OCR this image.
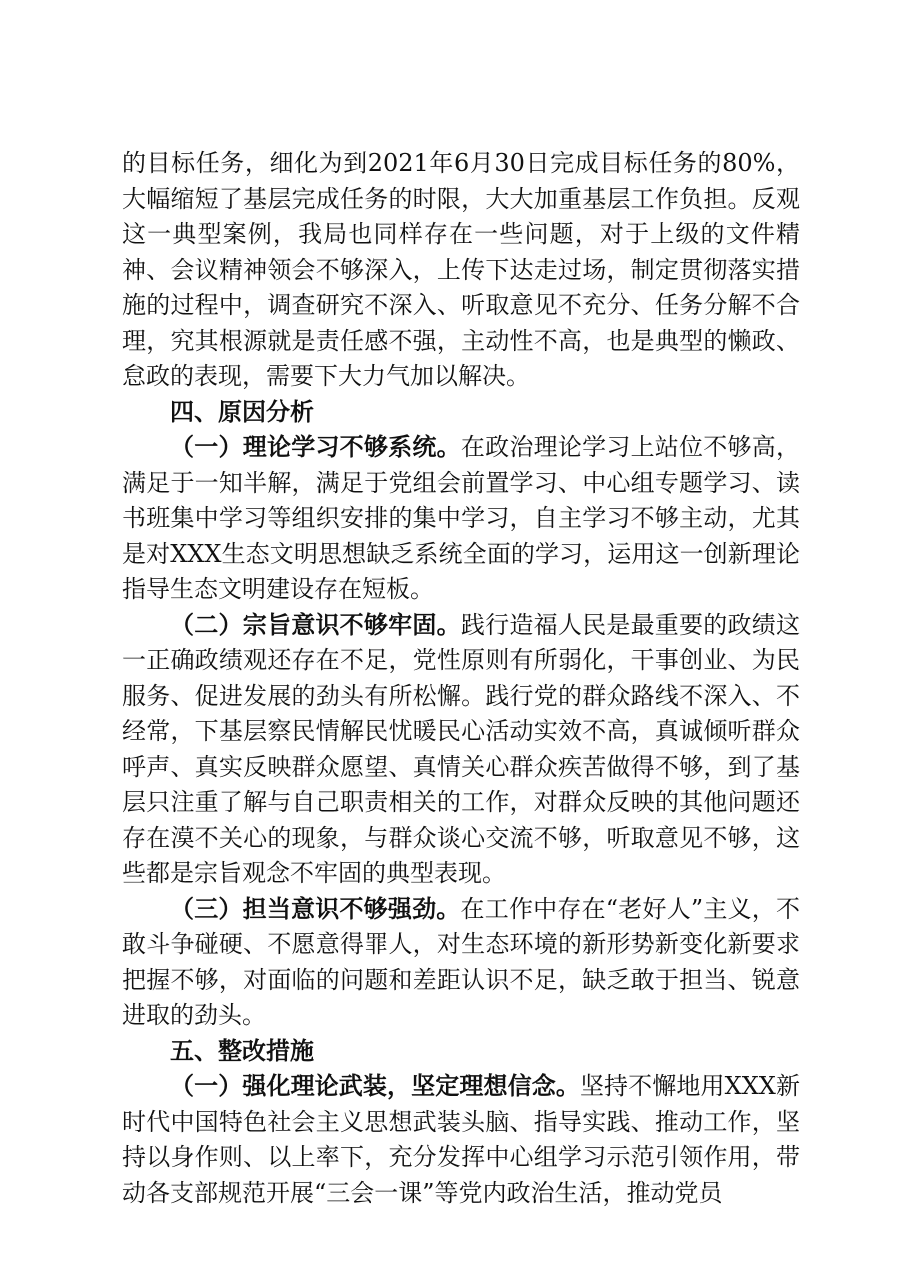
的目标任务，细化为到2021年6月30日完成目标任务的80%，大幅缩短了基层完成任务的时限，大大加重基层工作负担。反观这一典型案例，我局也同样存在一些问题，对于上级的文件精神、会议精神领会不够深入，上传下达走过场，制定贯彻落实措施的过程中，调查研究不深入、听取意见不充分、任务分解不合理，究其根源就是责任感不强，主动性不高，也是典型的懒政、怠政的表现，需要下大力气加以解决。

四、原因分析

（一）理论学习不够系统。在政治理论学习上站位不够高，满足于一知半解，满足于党组会前置学习、中心组专题学习、读书班集中学习等组织安排的集中学习，自主学习不够主动，尤其是对XXX生态文明思想缺乏系统全面的学习，运用这一创新理论指导生态文明建设存在短板。

（二）宗旨意识不够牢固。践行造福人民是最重要的政绩这一正确政绩观还存在不足，党性原则有所弱化，干事创业、为民服务、促进发展的劲头有所松懈。践行党的群众路线不深入、不经常，下基层察民情解民忧暖民心活动实效不高，真诚倾听群众呼声、真实反映群众愿望、真情关心群众疾苦做得不够，到了基层只注重了解与自己职责相关的工作，对群众反映的其他问题还存在漠不关心的现象，与群众谈心交流不够，听取意见不够，这些都是宗旨观念不牢固的典型表现。

（三）担当意识不够强劲。在工作中存在“老好人”主义，不敢斗争碰硬、不愿意得罪人，对生态环境的新形势新变化新要求把握不够，对面临的问题和差距认识不足，缺乏敢于担当、锐意进取的劲头。

五、整改措施

（一）强化理论武装，坚定理想信念。坚持不懈地用XXX新时代中国特色社会主义思想武装头脑、指导实践、推动工作，坚持以身作则、以上率下，充分发挥中心组学习示范引领作用，带动各支部规范开展“三会一课”等党内政治生活，推动党员
